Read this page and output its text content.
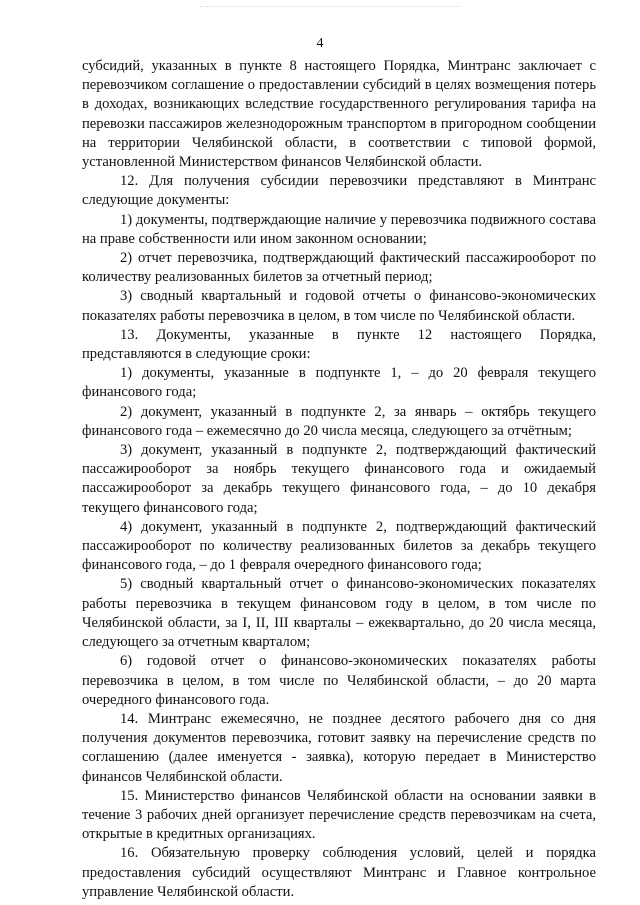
4

субсидий, указанных в пункте 8 настоящего Порядка, Минтранс заключает с перевозчиком соглашение о предоставлении субсидий в целях возмещения потерь в доходах, возникающих вследствие государственного регулирования тарифа на перевозки пассажиров железнодорожным транспортом в пригородном сообщении на территории Челябинской области, в соответствии с типовой формой, установленной Министерством финансов Челябинской области.

12. Для получения субсидии перевозчики представляют в Минтранс следующие документы:

1) документы, подтверждающие наличие у перевозчика подвижного состава на праве собственности или ином законном основании;

2) отчет перевозчика, подтверждающий фактический пассажирооборот по количеству реализованных билетов за отчетный период;

3) сводный квартальный и годовой отчеты о финансово-экономических показателях работы перевозчика в целом, в том числе по Челябинской области.

13. Документы, указанные в пункте 12 настоящего Порядка, представляются в следующие сроки:

1) документы, указанные в подпункте 1, – до 20 февраля текущего финансового года;

2) документ, указанный в подпункте 2, за январь – октябрь текущего финансового года – ежемесячно до 20 числа месяца, следующего за отчётным;

3) документ, указанный в подпункте 2, подтверждающий фактический пассажирооборот за ноябрь текущего финансового года и ожидаемый пассажирооборот за декабрь текущего финансового года, – до 10 декабря текущего финансового года;

4) документ, указанный в подпункте 2, подтверждающий фактический пассажирооборот по количеству реализованных билетов за декабрь текущего финансового года, – до 1 февраля очередного финансового года;

5) сводный квартальный отчет о финансово-экономических показателях работы перевозчика в текущем финансовом году в целом, в том числе по Челябинской области, за I, II, III кварталы – ежеквартально, до 20 числа месяца, следующего за отчетным кварталом;

6) годовой отчет о финансово-экономических показателях работы перевозчика в целом, в том числе по Челябинской области, – до 20 марта очередного финансового года.

14. Минтранс ежемесячно, не позднее десятого рабочего дня со дня получения документов перевозчика, готовит заявку на перечисление средств по соглашению (далее именуется - заявка), которую передает в Министерство финансов Челябинской области.

15. Министерство финансов Челябинской области на основании заявки в течение 3 рабочих дней организует перечисление средств перевозчикам на счета, открытые в кредитных организациях.

16. Обязательную проверку соблюдения условий, целей и порядка предоставления субсидий осуществляют Минтранс и Главное контрольное управление Челябинской области.
